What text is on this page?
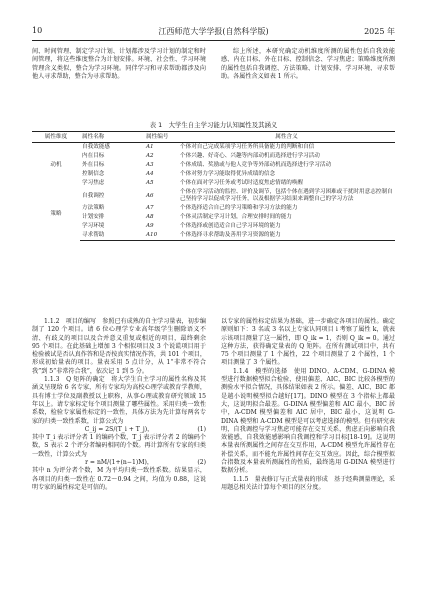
10	江西师范大学学报(自然科学版)	2025 年

间、时间管理、制定学习计划、计划都涉及学习计划的制定和时间管理，将这些维度整合为计划安排。环境、社会性、学习环境管理含义类似，整合为学习环境。同伴学习和寻求帮助都涉及向他人寻求帮助，整合为寻求帮助。

综上所述，本研究确定动机维度所测的属性包括自我效能感、内在目标、外在目标、控制信念、学习焦虑；策略维度所测的属性包括自我调控、方法策略、计划安排、学习环境、寻求帮助。各属性含义如表 1 所示。

表 1　大学生自主学习能力认知属性及其涵义
属性维度	属性名称	属性编号	属性含义
动机	自我效能感	A1	个体对自己完成某项学习任务所具备能力的判断和自信
	内在目标	A2	个体兴趣、好奇心、兴趣等内部动机而选择进行学习活动
	外在目标	A3	个体成绩、奖励或与他人竞争等外部动机而选择进行学习活动
	控制信念	A4	个体对努力学习能取得优异成绩的信念
	学习焦虑	A5	个体在面对学习任务或考试时适度焦虑情绪的唤醒
策略	自我调控	A6	个体在学习活动的监控、评价及调节，包括个体在遇到学习困难或干扰时用意志控制自己坚持学习以促成学习任务，以及根据学习结果来调整自己的学习方法
	方法策略	A7	个体选择适合自己的学习策略和学习方法的能力
	计划安排	A8	个体灵活制定学习计划，合理安排时间的能力
	学习环境	A9	个体选择或创造适合自己学习环境的能力
	寻求帮助	A10	个体选择寻求帮助及善用学习资源的能力

1.1.2　项目的编写　参照已有成熟的自主学习量表，初步编制了 120 个项目。请 6 位心理学专业高年级学生删除语义不清、有歧义的项目以及合并意义重复或相近的项目，最终剩余 95 个项目。在此基础上增加 3 个相似项目及 3 个说谎项目用于检验被试是否认真作答和是否按真实情况作答，共 101 个项目，形成初始量表的项目。量表采用 5 点计分，从 1“非常不符合我”到 5“非常符合我”，依次记 1 到 5 分。

1.1.3　Q 矩阵的确定　将大学生自主学习的属性名称及其涵义呈现给 6 名专家，所有专家均为高校心理学或教育学教师，具有博士学位及副教授以上职称，从事心理或教育研究领域 15 年以上。请专家标定每个项目测量了哪些属性。采用归类一致性系数，检验专家属性标定的一致性，具体方法为先计算每两名专家的归类一致性系数，计算公式为

C_ij = 2S/(T_i + T_j)，	(1)

其中 T_i 表示评分者 1 的编码个数，T_j 表示评分者 2 的编码个数，S 表示 2 个评分者编码相同的个数。再计算所有专家的归类一致性，计算公式为

r = nM/(1+(n−1)M)，	(2)

其中 n 为评分者个数，M 为平均归类一致性系数。结果显示，各项目的归类一致性在 0.72～0.94 之间，均值为 0.88，这说明专家的属性标定是可信的。

以专家的属性标定结果为基础，进一步确定各项目的属性。确定原则如下：3 名或 3 名以上专家认同项目 i 考察了属性 k，就表示该项目测量了这一属性，即 Q_ik = 1，否则 Q_ik = 0。通过这种方法，获得确定量表的 Q 矩阵。在所有测试项目中，共有 75 个项目测量了 1 个属性，22 个项目测量了 2 个属性，1 个项目测量了 3 个属性。

1.1.4　模型的选择　使用 DINO、A-CDM、G-DINA 模型进行数据模型拟合检验，使用偏差、AIC、BIC 比较各模型的测验水平拟合情况，具体结果如表 2 所示。偏差、AIC、BIC 都是越小说明模型拟合越好[17]。DINO 模型在 3 个指标上都最大，这说明拟合最差。G-DINA 模型偏差和 AIC 最小，BIC 居中，A-CDM 模型偏差和 AIC 居中，BIC 最小，这说明 G-DINA 模型和 A-CDM 模型是可以考虑选择的模型。但有研究表明，自我调控与学习焦虑可能存在交互关系，焦虑正向影响自我效能感，自我效能感影响自我调控和学习目标[18-19]。这说明本量表所测属性之间存在交互作用，A-CDM 模型允许属性存在补偿关系，而不能允许属性间存在交互效应。因此，综合模型拟合指数及本量表所测属性的性质，最终选用 G-DINA 模型进行数据分析。

1.1.5　量表修订与正式量表的形成　基于经典测量理论，采用题总相关法计算每个项目的区分度。
